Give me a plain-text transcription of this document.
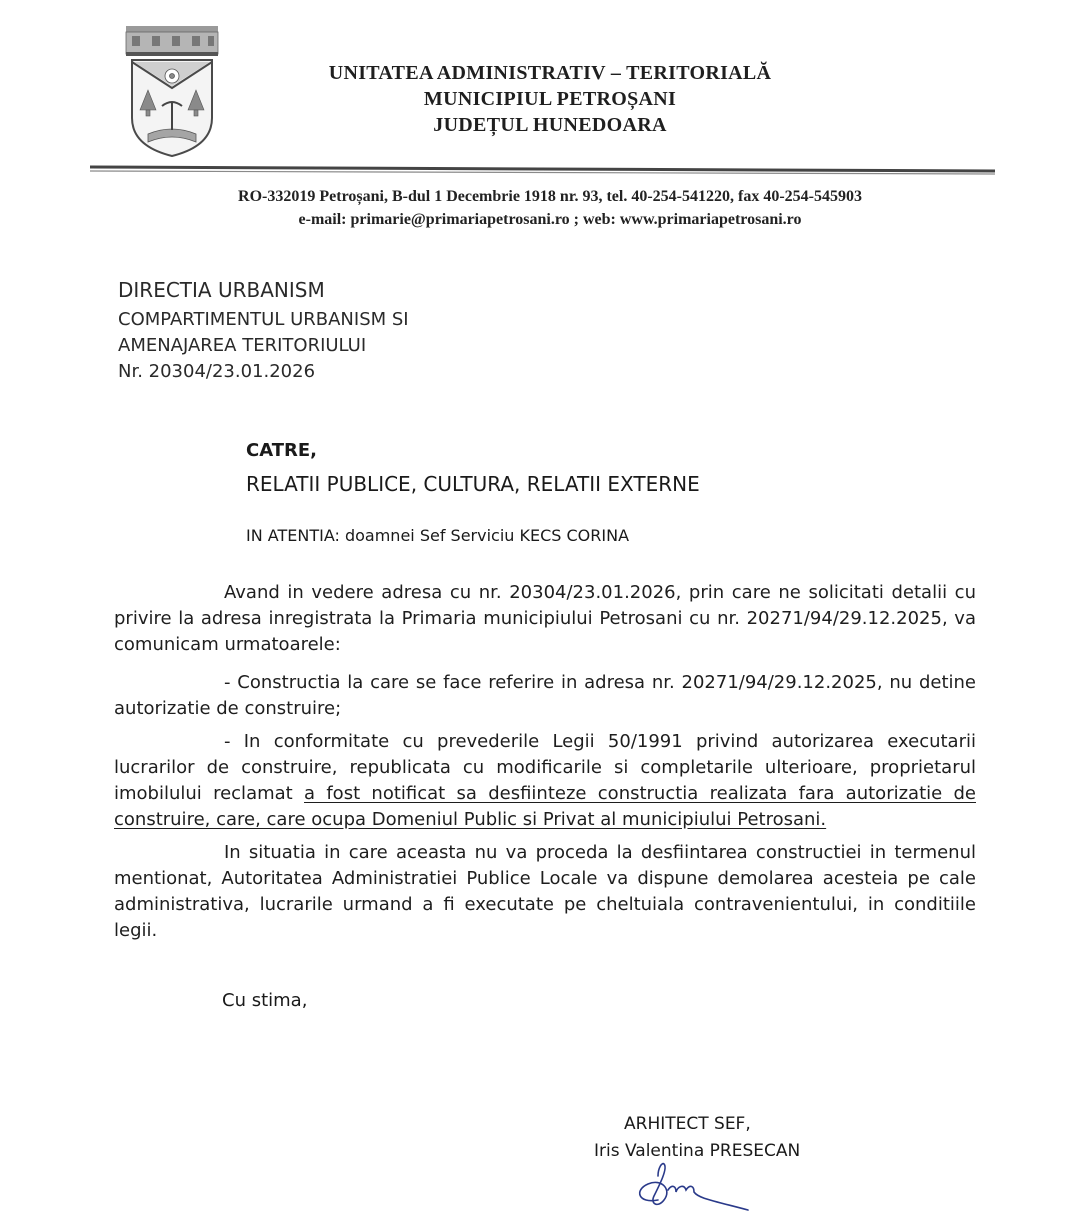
UNITATEA ADMINISTRATIV – TERITORIALĂ
MUNICIPIUL PETROȘANI
JUDEȚUL HUNEDOARA
RO-332019 Petroșani, B-dul 1 Decembrie 1918 nr. 93, tel. 40-254-541220, fax 40-254-545903
e-mail: primarie@primariapetrosani.ro ; web: www.primariapetrosani.ro
DIRECTIA URBANISM
COMPARTIMENTUL URBANISM SI
AMENAJAREA TERITORIULUI
Nr. 20304/23.01.2026
CATRE,
RELATII PUBLICE, CULTURA, RELATII EXTERNE
IN ATENTIA: doamnei Sef Serviciu KECS CORINA
Avand in vedere adresa cu nr. 20304/23.01.2026, prin care ne solicitati detalii cu privire la adresa inregistrata la Primaria municipiului Petrosani cu nr. 20271/94/29.12.2025, va comunicam urmatoarele:
- Constructia la care se face referire in adresa nr. 20271/94/29.12.2025, nu detine autorizatie de construire;
- In conformitate cu prevederile Legii 50/1991 privind autorizarea executarii lucrarilor de construire, republicata cu modificarile si completarile ulterioare, proprietarul imobilului reclamat a fost notificat sa desfiinteze constructia realizata fara autorizatie de construire, care, care ocupa Domeniul Public si Privat al municipiului Petrosani.
In situatia in care aceasta nu va proceda la desfiintarea constructiei in termenul mentionat, Autoritatea Administratiei Publice Locale va dispune demolarea acesteia pe cale administrativa, lucrarile urmand a fi executate pe cheltuiala contravenientului, in conditiile legii.
Cu stima,
ARHITECT SEF,
Iris Valentina PRESECAN
